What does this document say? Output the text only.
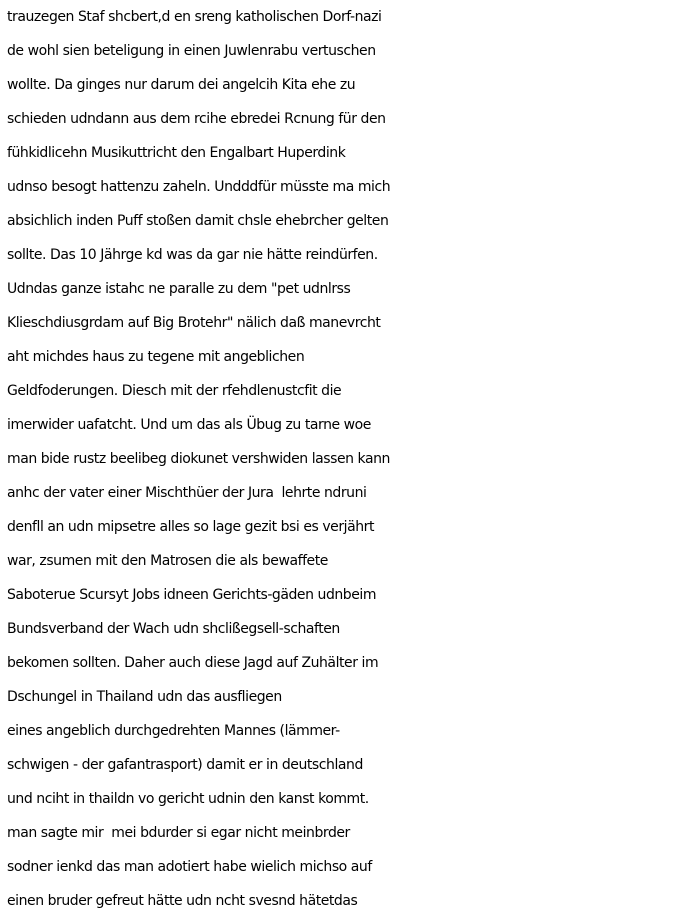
trauzegen Staf shcbert,d en sreng katholischen Dorf-nazi
de wohl sien beteligung in einen Juwlenrabu vertuschen
wollte. Da ginges nur darum dei angelcih Kita ehe zu
schieden udndann aus dem rcihe ebredei Rcnung für den
fühkidlicehn Musikuttricht den Engalbart Huperdink
udnso besogt hattenzu zaheln. Undddfür müsste ma mich
absichlich inden Puff stoßen damit chsle ehebrcher gelten
sollte. Das 10 Jährge kd was da gar nie hätte reindürfen.
Udndas ganze istahc ne paralle zu dem "pet udnlrss
Klieschdiusgrdam auf Big Brotehr" nälich daß manevrcht
aht michdes haus zu tegene mit angeblichen
Geldfoderungen. Diesch mit der rfehdlenustcfit die
imerwider uafatcht. Und um das als Übug zu tarne woe
man bide rustz beelibeg diokunet vershwiden lassen kann
anhc der vater einer Mischthüer der Jura  lehrte ndruni
denfll an udn mipsetre alles so lage gezit bsi es verjährt
war, zsumen mit den Matrosen die als bewaffete
Saboterue Scursyt Jobs idneen Gerichts-gäden udnbeim
Bundsverband der Wach udn shclißegsell-schaften
bekomen sollten. Daher auch diese Jagd auf Zuhälter im
Dschungel in Thailand udn das ausfliegen
eines angeblich durchgedrehten Mannes (lämmer-
schwigen - der gafantrasport) damit er in deutschland
und nciht in thaildn vo gericht udnin den kanst kommt.
man sagte mir  mei bdurder si egar nicht meinbrder
sodner ienkd das man adotiert habe wielich michso auf
einen bruder gefreut hätte udn ncht svesnd hätetdas
